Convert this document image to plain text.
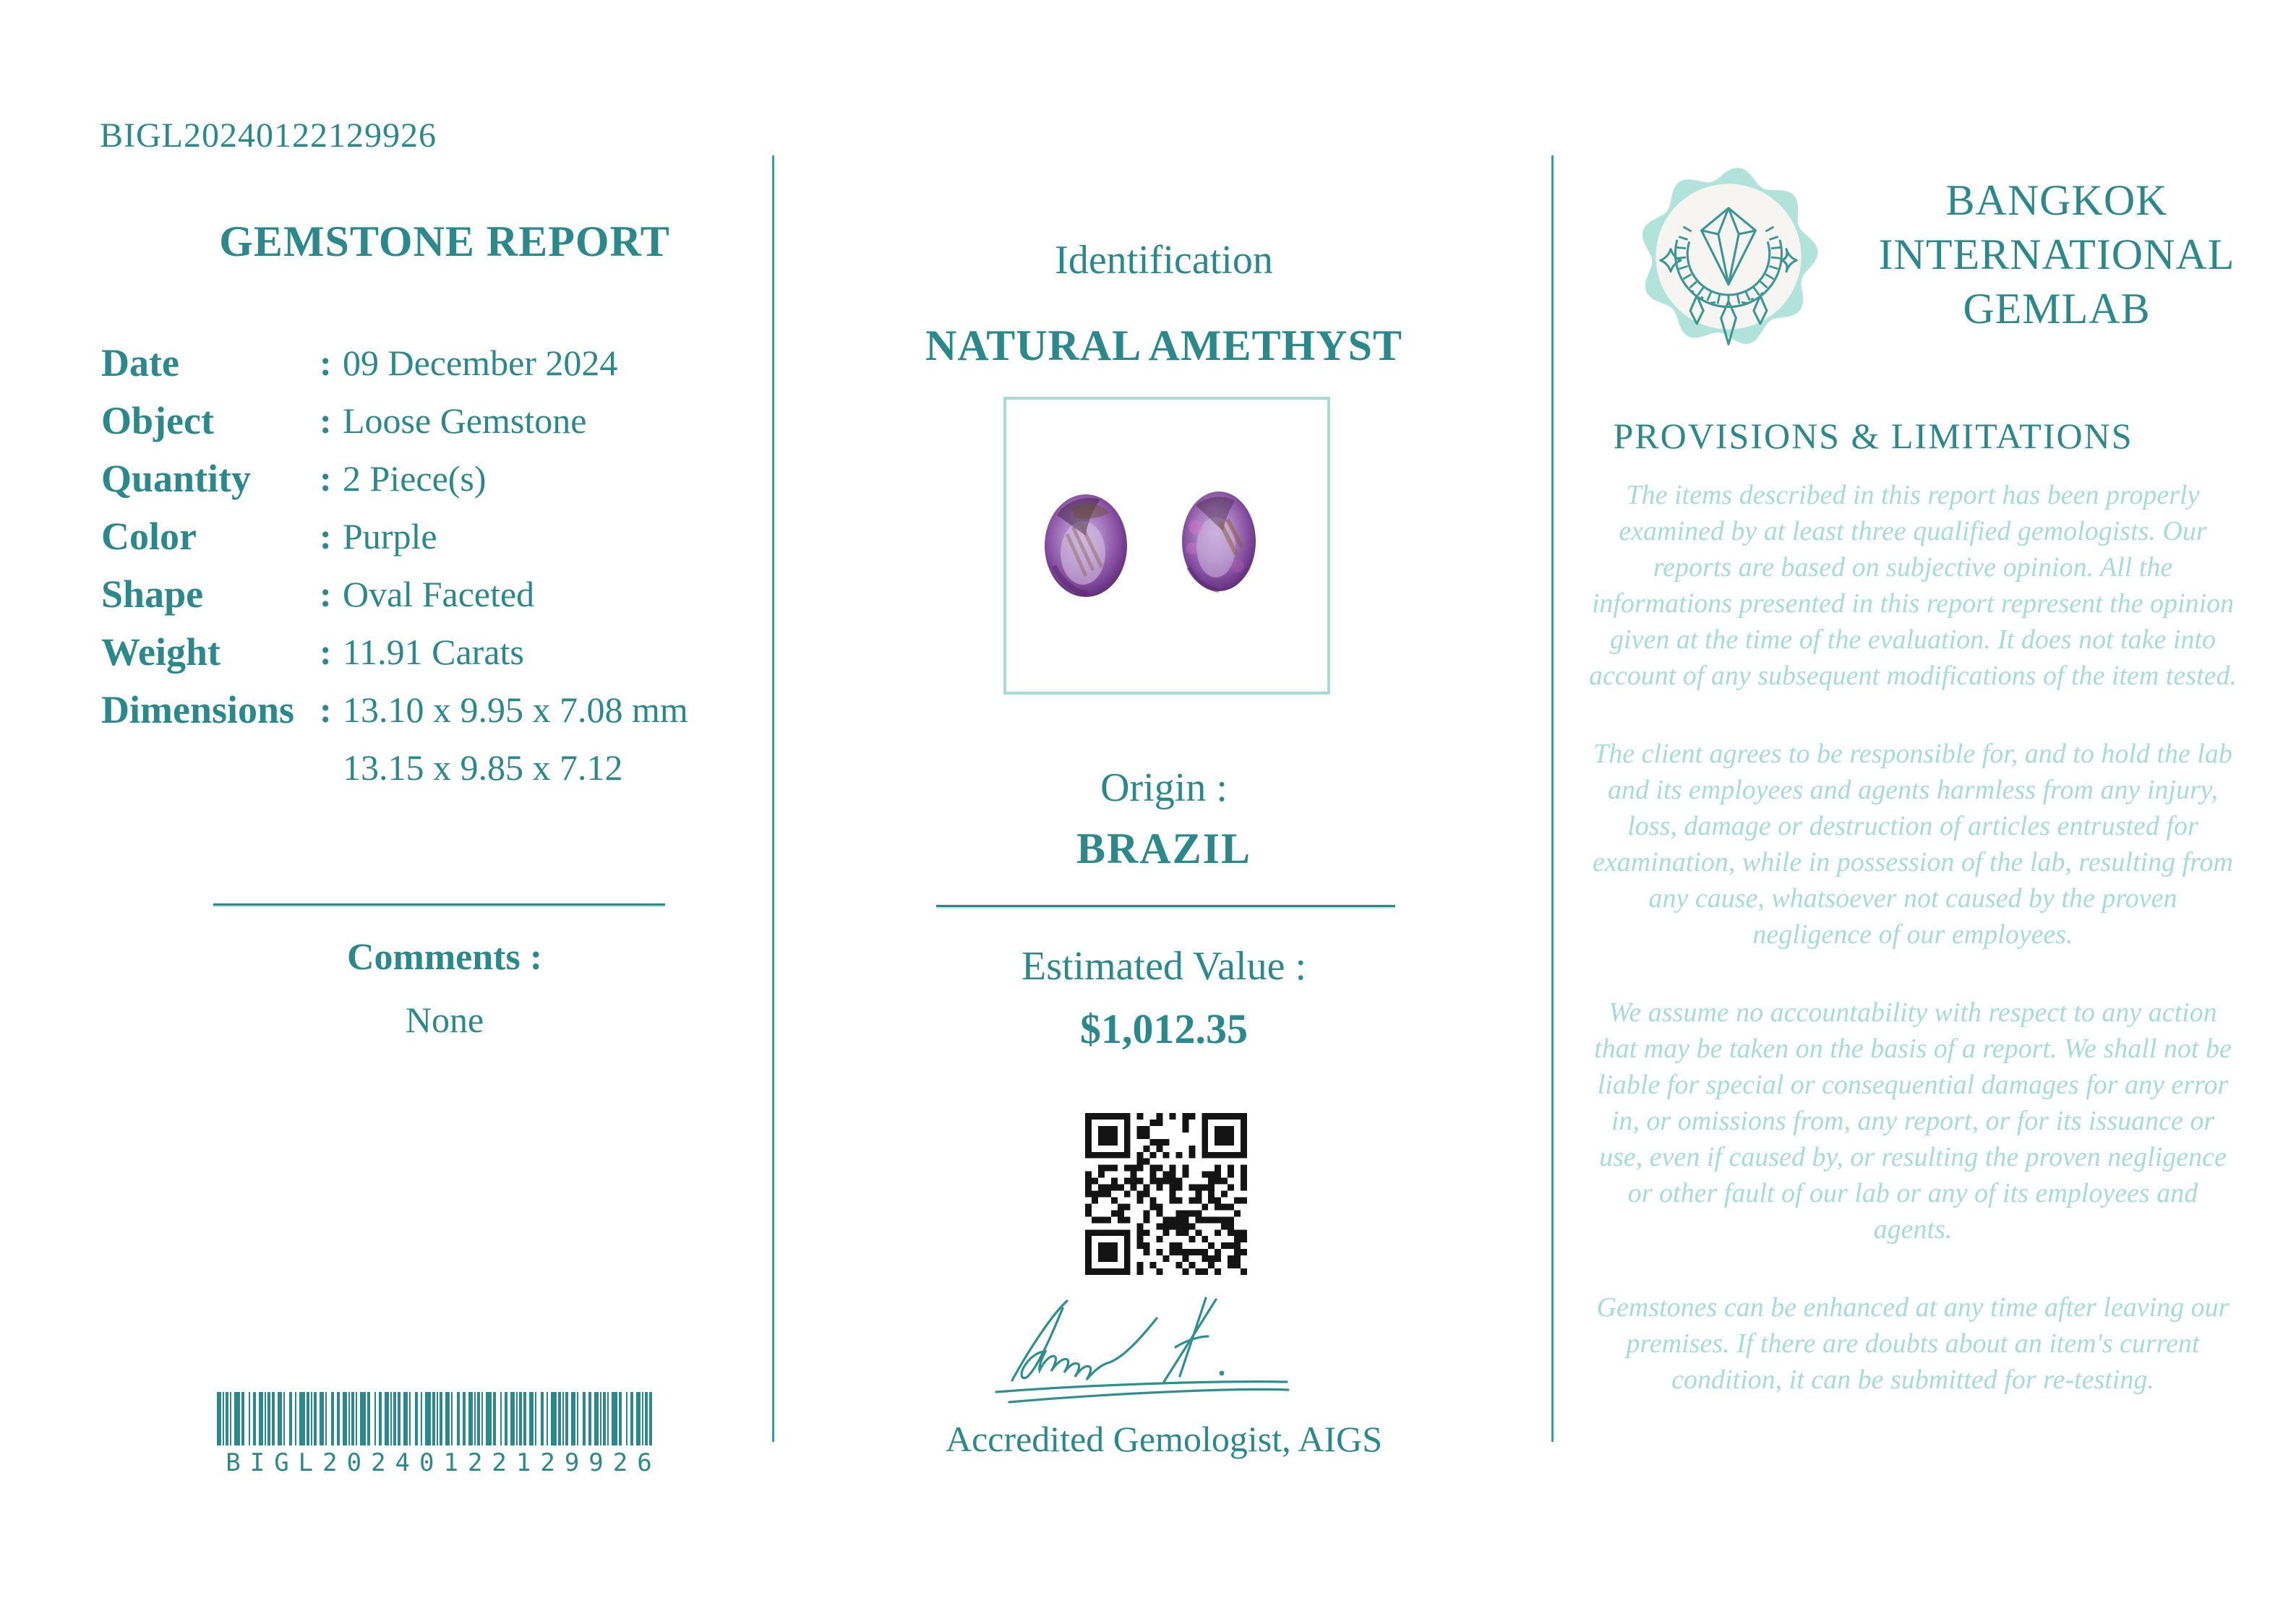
BIGL20240122129926
GEMSTONE REPORT
Date	: 09 December 2024
Object	: Loose Gemstone
Quantity	: 2 Piece(s)
Color	: Purple
Shape	: Oval Faceted
Weight	: 11.91 Carats
Dimensions : 13.10 x 9.95 x 7.08 mm
13.15 x 9.85 x 7.12
Comments :
None
BIGL20240122129926
Identification
NATURAL AMETHYST
Origin :
BRAZIL
Estimated Value :
$1,012.35
Accredited Gemologist, AIGS
BANGKOK
INTERNATIONAL
GEMLAB
PROVISIONS & LIMITATIONS

The items described in this report has been properly examined by at least three qualified gemologists. Our reports are based on subjective opinion. All the informations presented in this report represent the opinion given at the time of the evaluation. It does not take into account of any subsequent modifications of the item tested.

The client agrees to be responsible for, and to hold the lab and its employees and agents harmless from any injury, loss, damage or destruction of articles entrusted for examination, while in possession of the lab, resulting from any cause, whatsoever not caused by the proven negligence of our employees.

We assume no accountability with respect to any action that may be taken on the basis of a report. We shall not be liable for special or consequential damages for any error in, or omissions from, any report, or for its issuance or use, even if caused by, or resulting the proven negligence or other fault of our lab or any of its employees and agents.

Gemstones can be enhanced at any time after leaving our premises. If there are doubts about an item's current condition, it can be submitted for re-testing.
